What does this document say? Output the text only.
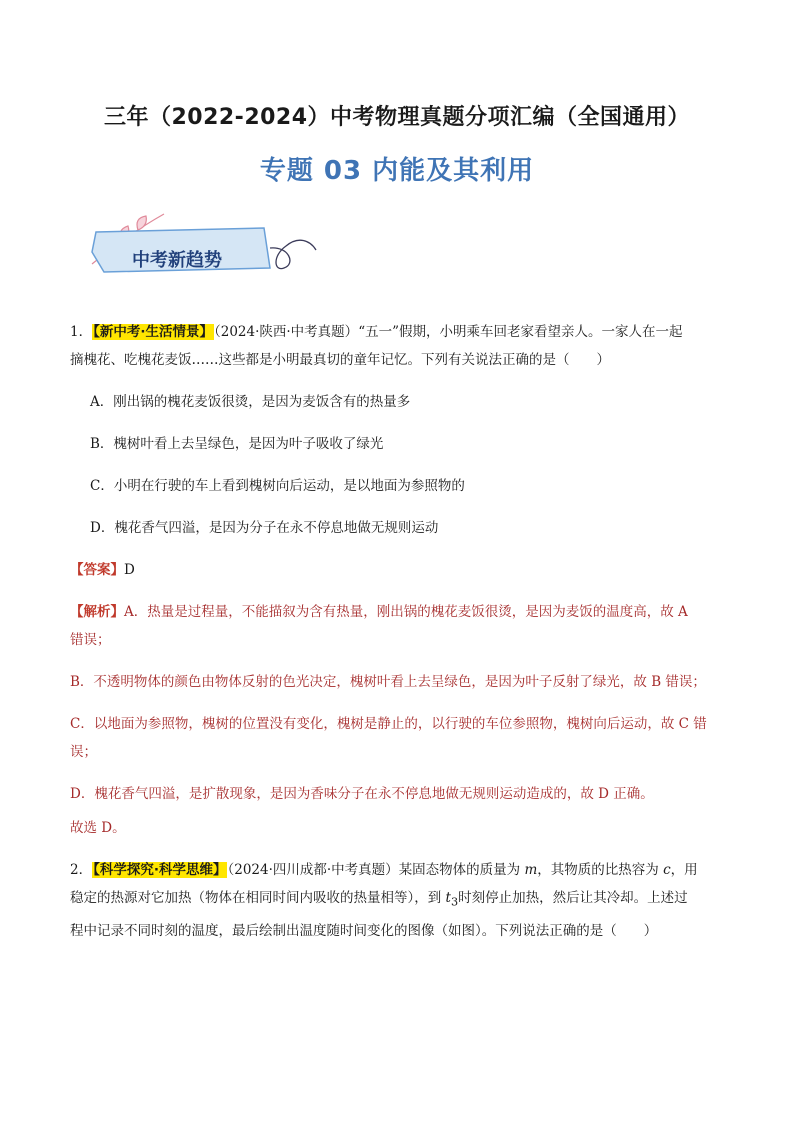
三年（2022-2024）中考物理真题分项汇编（全国通用）
专题 03 内能及其利用
中考新趋势

1．【新中考·生活情景】（2024·陕西·中考真题）“五一”假期，小明乘车回老家看望亲人。一家人在一起

摘槐花、吃槐花麦饭……这些都是小明最真切的童年记忆。下列有关说法正确的是（　　）

A．刚出锅的槐花麦饭很烫，是因为麦饭含有的热量多

B．槐树叶看上去呈绿色，是因为叶子吸收了绿光

C．小明在行驶的车上看到槐树向后运动，是以地面为参照物的

D．槐花香气四溢，是因为分子在永不停息地做无规则运动

【答案】D

【解析】A．热量是过程量，不能描叙为含有热量，刚出锅的槐花麦饭很烫，是因为麦饭的温度高，故 A

错误；

B．不透明物体的颜色由物体反射的色光决定，槐树叶看上去呈绿色，是因为叶子反射了绿光，故 B 错误；

C．以地面为参照物，槐树的位置没有变化，槐树是静止的，以行驶的车位参照物，槐树向后运动，故 C 错

误；

D．槐花香气四溢，是扩散现象，是因为香味分子在永不停息地做无规则运动造成的，故 D 正确。

故选 D。

2．【科学探究·科学思维】（2024·四川成都·中考真题）某固态物体的质量为 m，其物质的比热容为 c，用

稳定的热源对它加热（物体在相同时间内吸收的热量相等），到 $t_3$时刻停止加热，然后让其冷却。上述过

程中记录不同时刻的温度，最后绘制出温度随时间变化的图像（如图）。下列说法正确的是（　　）
